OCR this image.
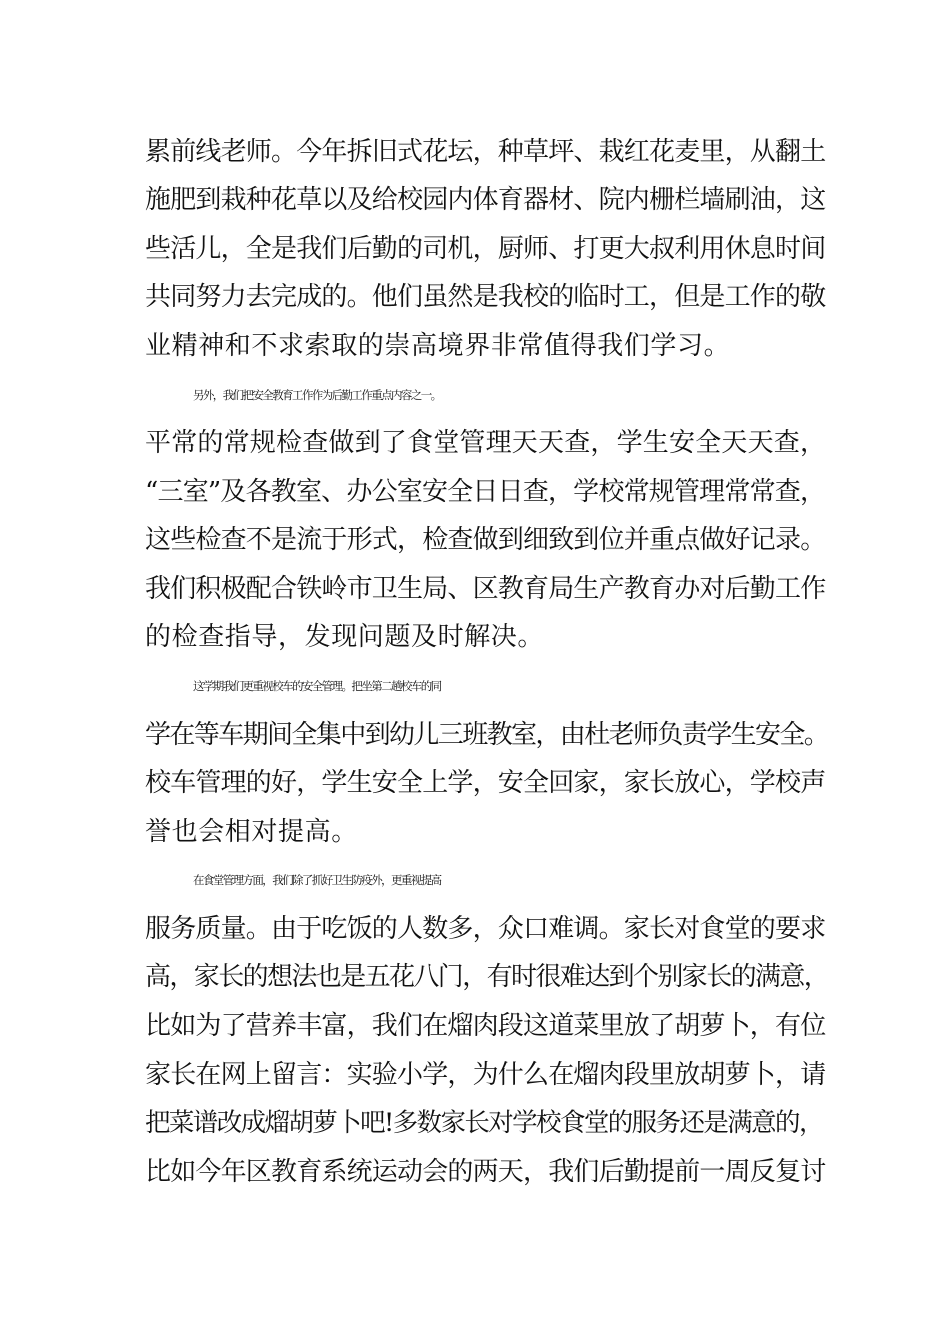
累前线老师。今年拆旧式花坛，种草坪、栽红花麦里，从翻土
施肥到栽种花草以及给校园内体育器材、院内栅栏墙刷油，这
些活儿，全是我们后勤的司机，厨师、打更大叔利用休息时间
共同努力去完成的。他们虽然是我校的临时工，但是工作的敬
业精神和不求索取的崇高境界非常值得我们学习。
另外，我们把安全教育工作作为后勤工作重点内容之一。
平常的常规检查做到了食堂管理天天查，学生安全天天查，
“三室”及各教室、办公室安全日日查，学校常规管理常常查，
这些检查不是流于形式，检查做到细致到位并重点做好记录。
我们积极配合铁岭市卫生局、区教育局生产教育办对后勤工作
的检查指导，发现问题及时解决。
这学期我们更重视校车的安全管理。把坐第二趟校车的同
学在等车期间全集中到幼儿三班教室，由杜老师负责学生安全。
校车管理的好，学生安全上学，安全回家，家长放心，学校声
誉也会相对提高。
在食堂管理方面，我们除了抓好卫生防疫外，更重视提高
服务质量。由于吃饭的人数多，众口难调。家长对食堂的要求
高，家长的想法也是五花八门，有时很难达到个别家长的满意，
比如为了营养丰富，我们在熘肉段这道菜里放了胡萝卜，有位
家长在网上留言：实验小学，为什么在熘肉段里放胡萝卜，请
把菜谱改成熘胡萝卜吧!多数家长对学校食堂的服务还是满意的，
比如今年区教育系统运动会的两天，我们后勤提前一周反复讨
